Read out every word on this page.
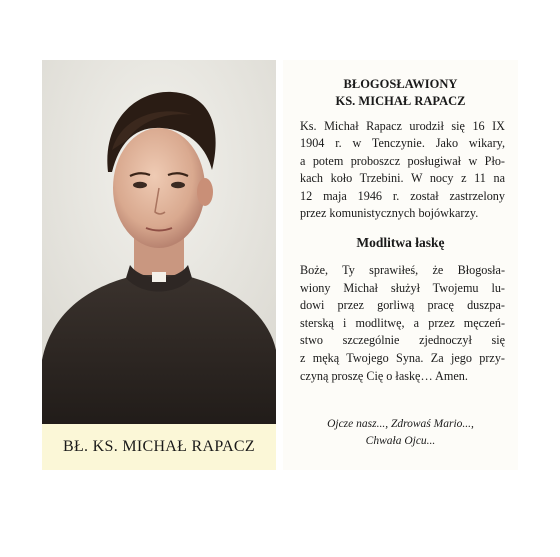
BŁ. KS. MICHAŁ RAPACZ
BŁOGOSŁAWIONY
KS. MICHAŁ RAPACZ
Ks. Michał Rapacz urodził się 16 IX
1904 r. w Tenczynie. Jako wikary,
a potem proboszcz posługiwał w Pło-
kach koło Trzebini. W nocy z 11 na
12 maja 1946 r. został zastrzelony
przez komunistycznych bojówkarzy.
Modlitwa łaskę
Boże, Ty sprawiłeś, że Błogosła-
wiony Michał służył Twojemu lu-
dowi przez gorliwą pracę duszpa-
sterską i modlitwę, a przez męczeń-
stwo szczególnie zjednoczył się
z męką Twojego Syna. Za jego przy-
czyną proszę Cię o łaskę… Amen.
Ojcze nasz..., Zdrowaś Mario...,
Chwała Ojcu...
